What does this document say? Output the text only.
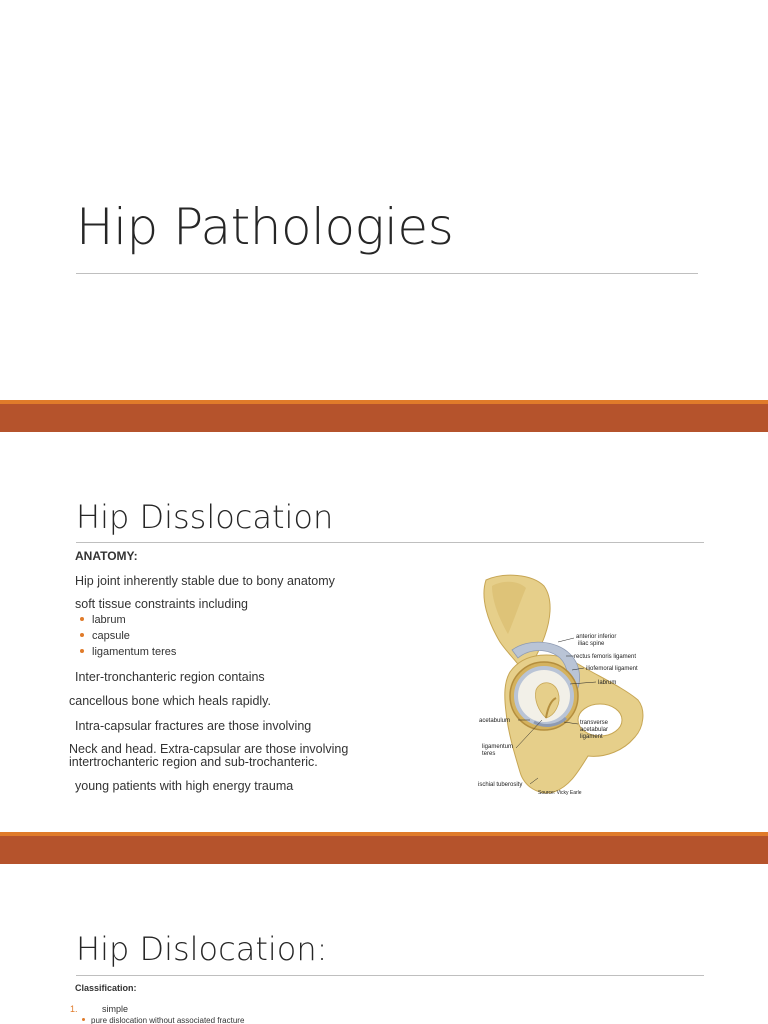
Hip Pathologies
Hip Disslocation
ANATOMY:
Hip joint inherently stable due to bony anatomy
soft tissue constraints including
labrum
capsule
ligamentum teres
Inter-tronchanteric region contains
cancellous bone which heals rapidly.
Intra-capsular fractures are those involving
Neck and head. Extra-capsular are those involving
intertrochanteric region and sub-trochanteric.
young patients with high energy trauma
anterior inferior
iliac spine
rectus femoris ligament
iliofemoral ligament
labrum
acetabulum	transverse
acetabular
ligament
ligamentum
teres
ischial tuberosity
Source: Vicky Earle
Hip Dislocation:
Classification:
1.	simple
pure dislocation without associated fracture
